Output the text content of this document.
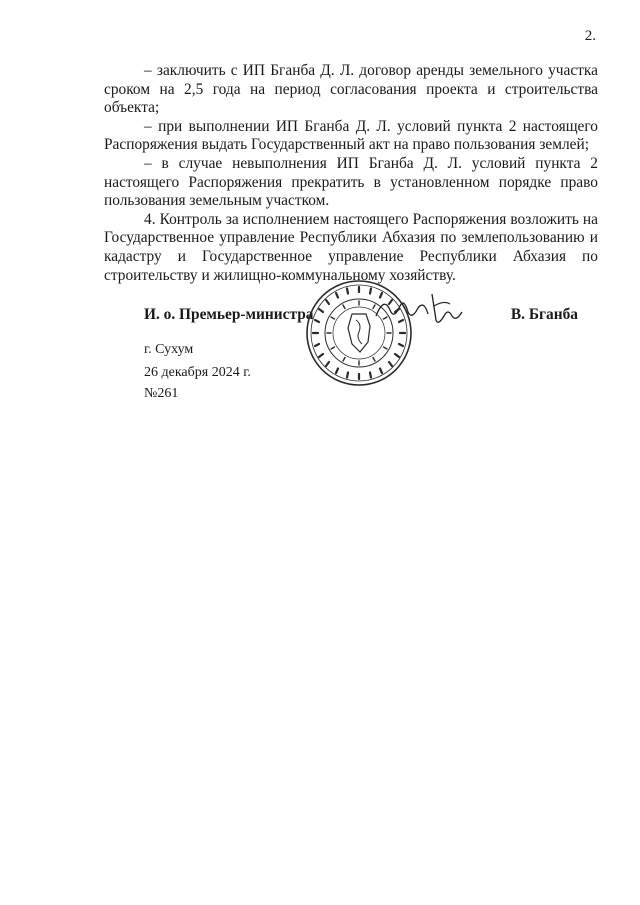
2.

– заключить с ИП Бганба Д. Л. договор аренды земельного участка сроком на 2,5 года на период согласования проекта и строительства объекта;

– при выполнении ИП Бганба Д. Л. условий пункта 2 настоящего Распоряжения выдать Государственный акт на право пользования землей;

– в случае невыполнения ИП Бганба Д. Л. условий пункта 2 настоящего Распоряжения прекратить в установленном порядке право пользования земельным участком.

4. Контроль за исполнением настоящего Распоряжения возложить на Государственное управление Республики Абхазия по землепользованию и кадастру и Государственное управление Республики Абхазия по строительству и жилищно-коммунальному хозяйству.

И. о. Премьер-министра	В. Бганба
г. Сухум
26 декабря 2024 г.
№261
